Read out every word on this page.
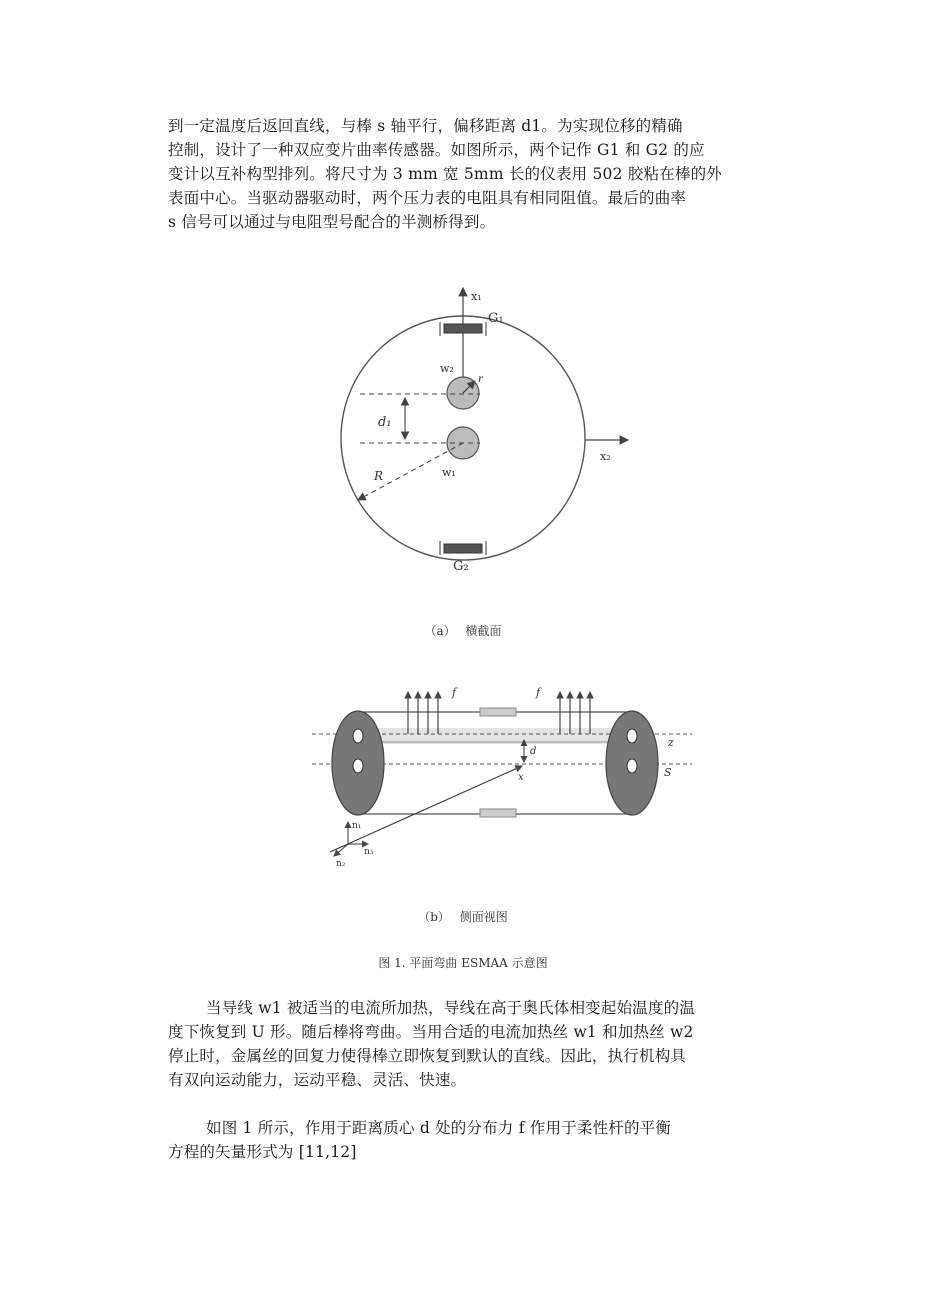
到一定温度后返回直线，与棒 s 轴平行，偏移距离 d1。为实现位移的精确
控制，设计了一种双应变片曲率传感器。如图所示，两个记作 G1 和 G2 的应
变计以互补构型排列。将尺寸为 3 mm 宽 5mm 长的仪表用 502 胶粘在棒的外
表面中心。当驱动器驱动时，两个压力表的电阻具有相同阻值。最后的曲率
s 信号可以通过与电阻型号配合的半测桥得到。
x₁
G₁
G₂
x₂
w₂
w₁
r
d₁
R
（a）　 横截面
f	f
d
x
z
S
n₁
n₃
n₂
（b）　 侧面视图
图 1. 平面弯曲 ESMAA 示意图
当导线 w1 被适当的电流所加热，导线在高于奥氏体相变起始温度的温
度下恢复到 U 形。随后棒将弯曲。当用合适的电流加热丝 w1 和加热丝 w2
停止时，金属丝的回复力使得棒立即恢复到默认的直线。因此，执行机构具
有双向运动能力，运动平稳、灵活、快速。
如图 1 所示，作用于距离质心 d 处的分布力 f 作用于柔性杆的平衡
方程的矢量形式为 [11,12]
